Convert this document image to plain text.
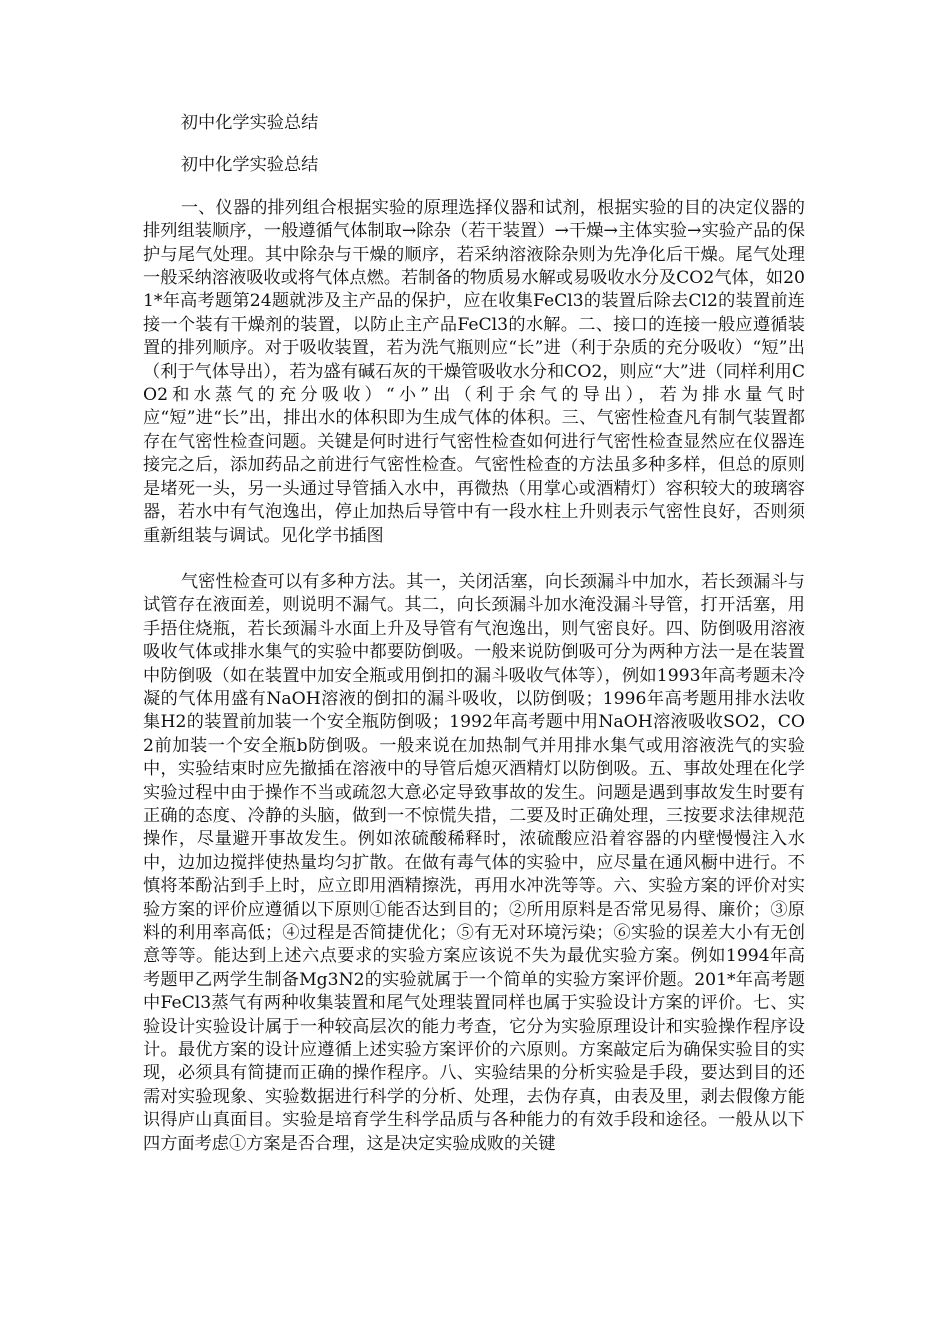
初中化学实验总结

初中化学实验总结

一、仪器的排列组合根据实验的原理选择仪器和试剂，根据实验的目的决定仪器的排列组装顺序，一般遵循气体制取→除杂（若干装置）→干燥→主体实验→实验产品的保护与尾气处理。其中除杂与干燥的顺序，若采纳溶液除杂则为先净化后干燥。尾气处理一般采纳溶液吸收或将气体点燃。若制备的物质易水解或易吸收水分及CO2气体，如201*年高考题第24题就涉及主产品的保护，应在收集FeCl3的装置后除去Cl2的装置前连接一个装有干燥剂的装置，以防止主产品FeCl3的水解。二、接口的连接一般应遵循装置的排列顺序。对于吸收装置，若为洗气瓶则应“长”进（利于杂质的充分吸收）“短”出（利于气体导出），若为盛有碱石灰的干燥管吸收水分和CO2，则应“大”进（同样利用CO2和水蒸气的充分吸收）“小”出（利于余气的导出），若为排水量气时应“短”进“长”出，排出水的体积即为生成气体的体积。三、气密性检查凡有制气装置都存在气密性检查问题。关键是何时进行气密性检查如何进行气密性检查显然应在仪器连接完之后，添加药品之前进行气密性检查。气密性检查的方法虽多种多样，但总的原则是堵死一头，另一头通过导管插入水中，再微热（用掌心或酒精灯）容积较大的玻璃容器，若水中有气泡逸出，停止加热后导管中有一段水柱上升则表示气密性良好，否则须重新组装与调试。见化学书插图

气密性检查可以有多种方法。其一，关闭活塞，向长颈漏斗中加水，若长颈漏斗与试管存在液面差，则说明不漏气。其二，向长颈漏斗加水淹没漏斗导管，打开活塞，用手捂住烧瓶，若长颈漏斗水面上升及导管有气泡逸出，则气密良好。四、防倒吸用溶液吸收气体或排水集气的实验中都要防倒吸。一般来说防倒吸可分为两种方法一是在装置中防倒吸（如在装置中加安全瓶或用倒扣的漏斗吸收气体等），例如1993年高考题未冷凝的气体用盛有NaOH溶液的倒扣的漏斗吸收，以防倒吸；1996年高考题用排水法收集H2的装置前加装一个安全瓶防倒吸；1992年高考题中用NaOH溶液吸收SO2，CO2前加装一个安全瓶b防倒吸。一般来说在加热制气并用排水集气或用溶液洗气的实验中，实验结束时应先撤插在溶液中的导管后熄灭酒精灯以防倒吸。五、事故处理在化学实验过程中由于操作不当或疏忽大意必定导致事故的发生。问题是遇到事故发生时要有正确的态度、冷静的头脑，做到一不惊慌失措，二要及时正确处理，三按要求法律规范操作，尽量避开事故发生。例如浓硫酸稀释时，浓硫酸应沿着容器的内壁慢慢注入水中，边加边搅拌使热量均匀扩散。在做有毒气体的实验中，应尽量在通风橱中进行。不慎将苯酚沾到手上时，应立即用酒精擦洗，再用水冲洗等等。六、实验方案的评价对实验方案的评价应遵循以下原则①能否达到目的；②所用原料是否常见易得、廉价；③原料的利用率高低；④过程是否简捷优化；⑤有无对环境污染；⑥实验的误差大小有无创意等等。能达到上述六点要求的实验方案应该说不失为最优实验方案。例如1994年高考题甲乙两学生制备Mg3N2的实验就属于一个简单的实验方案评价题。201*年高考题中FeCl3蒸气有两种收集装置和尾气处理装置同样也属于实验设计方案的评价。七、实验设计实验设计属于一种较高层次的能力考查，它分为实验原理设计和实验操作程序设计。最优方案的设计应遵循上述实验方案评价的六原则。方案敲定后为确保实验目的实现，必须具有简捷而正确的操作程序。八、实验结果的分析实验是手段，要达到目的还需对实验现象、实验数据进行科学的分析、处理，去伪存真，由表及里，剥去假像方能识得庐山真面目。实验是培育学生科学品质与各种能力的有效手段和途径。一般从以下四方面考虑①方案是否合理，这是决定实验成败的关键
